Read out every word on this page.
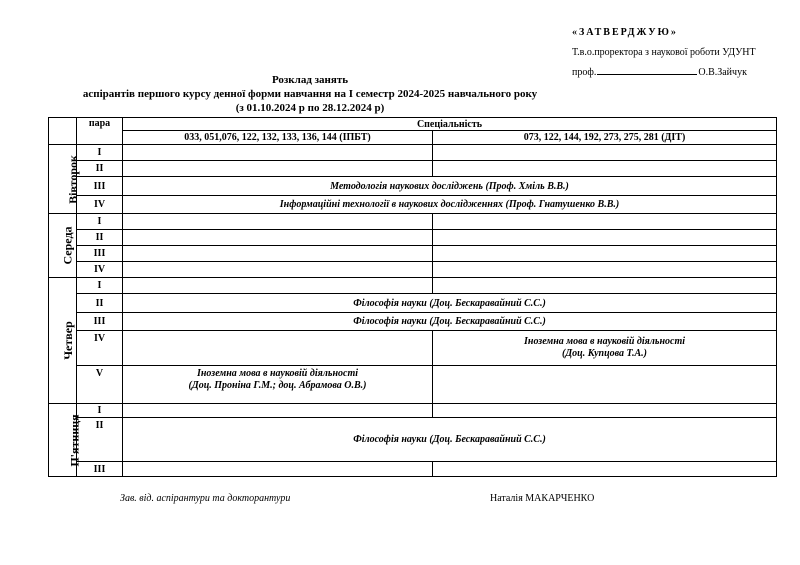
«ЗАТВЕРДЖУЮ»
Т.в.о.проректора з наукової роботи УДУНТ
проф.	О.В.Зайчук
Розклад занять
аспірантів першого курсу денної форми навчання на І семестр 2024-2025 навчального року
(з 01.10.2024 р по 28.12.2024 р)
	пара	Спеціальність	
		033, 051,076, 122, 132, 133, 136, 144 (ІПБТ)	073, 122, 144, 192, 273, 275, 281 (ДІТ)
Вівторок	I		
	II		
	III	Методологія наукових досліджень (Проф. Хміль В.В.)	
	IV	Інформаційні технології в наукових дослідженнях (Проф. Гнатушенко В.В.)	
Середа	I		
	II		
	III		
	IV		
Четвер	I		
	II	Філософія науки (Доц. Бескаравайний С.С.)	
	III	Філософія науки (Доц. Бескаравайний С.С.)	
	IV		Іноземна мова в науковій діяльності
(Доц. Купцова Т.А.)

	V	Іноземна мова в науковій діяльності
(Доц. Проніна Г.М.; доц. Абрамова О.В.)	

П'ятниця	I		
	II	Філософія науки (Доц. Бескаравайний С.С.)	
	III		
Зав. від. аспірантури та докторантури	Наталія МАКАРЧЕНКО
